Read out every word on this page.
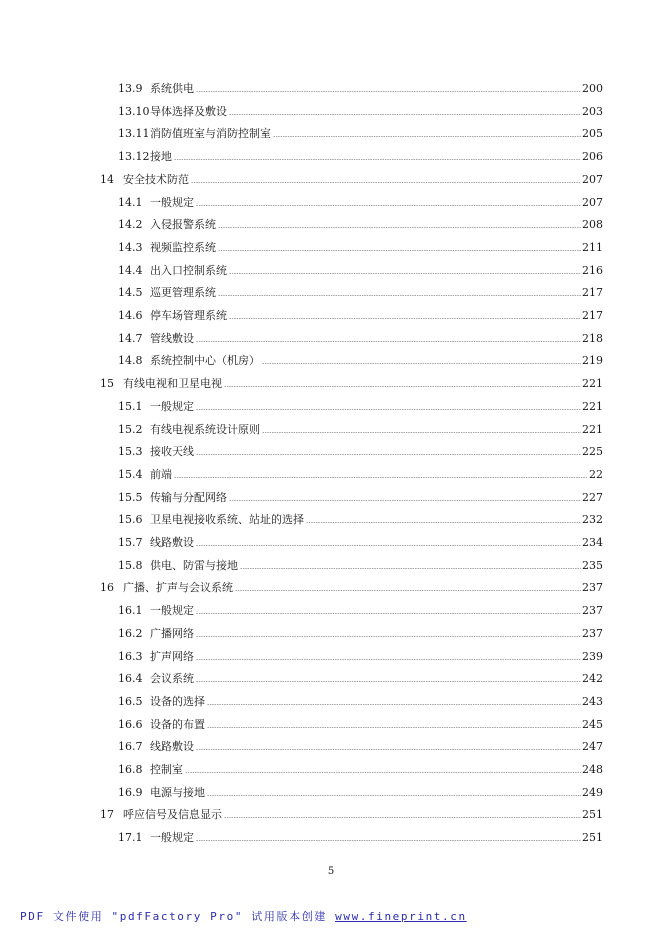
13.9 系统供电	200
13.10 导体选择及敷设	203
13.11 消防值班室与消防控制室	205
13.12 接地	206
14 安全技术防范	207
14.1 一般规定	207
14.2 入侵报警系统	208
14.3 视频监控系统	211
14.4 出入口控制系统	216
14.5 巡更管理系统	217
14.6 停车场管理系统	217
14.7 管线敷设	218
14.8 系统控制中心（机房）	219
15 有线电视和卫星电视	221
15.1 一般规定	221
15.2 有线电视系统设计原则	221
15.3 接收天线	225
15.4 前端	22
15.5 传输与分配网络	227
15.6 卫星电视接收系统、站址的选择	232
15.7 线路敷设	234
15.8 供电、防雷与接地	235
16 广播、扩声与会议系统	237
16.1 一般规定	237
16.2 广播网络	237
16.3 扩声网络	239
16.4 会议系统	242
16.5 设备的选择	243
16.6 设备的布置	245
16.7 线路敷设	247
16.8 控制室	248
16.9 电源与接地	249
17 呼应信号及信息显示	251
17.1 一般规定	251
5
PDF 文件使用 "pdfFactory Pro" 试用版本创建 www.fineprint.cn
